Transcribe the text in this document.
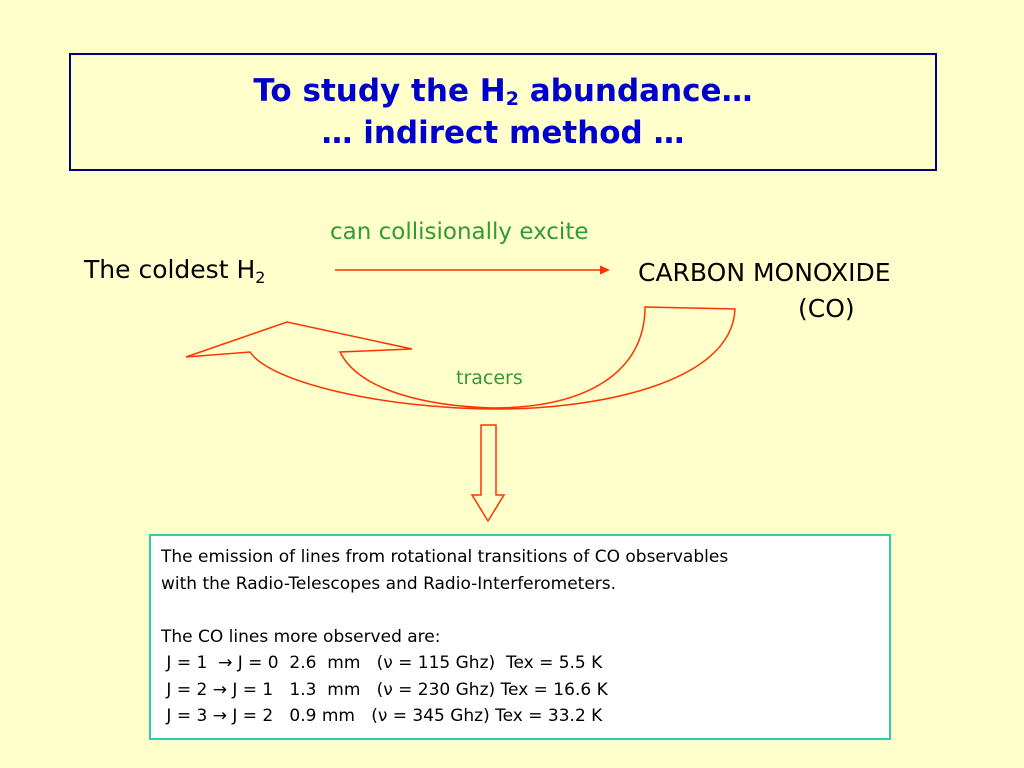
To study the $H_2$ abundance…
… indirect method …
can collisionally excite
The coldest $H_2$	CARBON MONOXIDE
(CO)
tracers
The emission of lines from rotational transitions of CO observables
with the Radio-Telescopes and Radio-Interferometers.
The CO lines more observed are:
J = 1  → J = 0  2.6  mm   (ν = 115 Ghz)  Tex = 5.5 K
J = 2 → J = 1   1.3  mm   (ν = 230 Ghz) Tex = 16.6 K
J = 3 → J = 2   0.9 mm   (ν = 345 Ghz) Tex = 33.2 K
